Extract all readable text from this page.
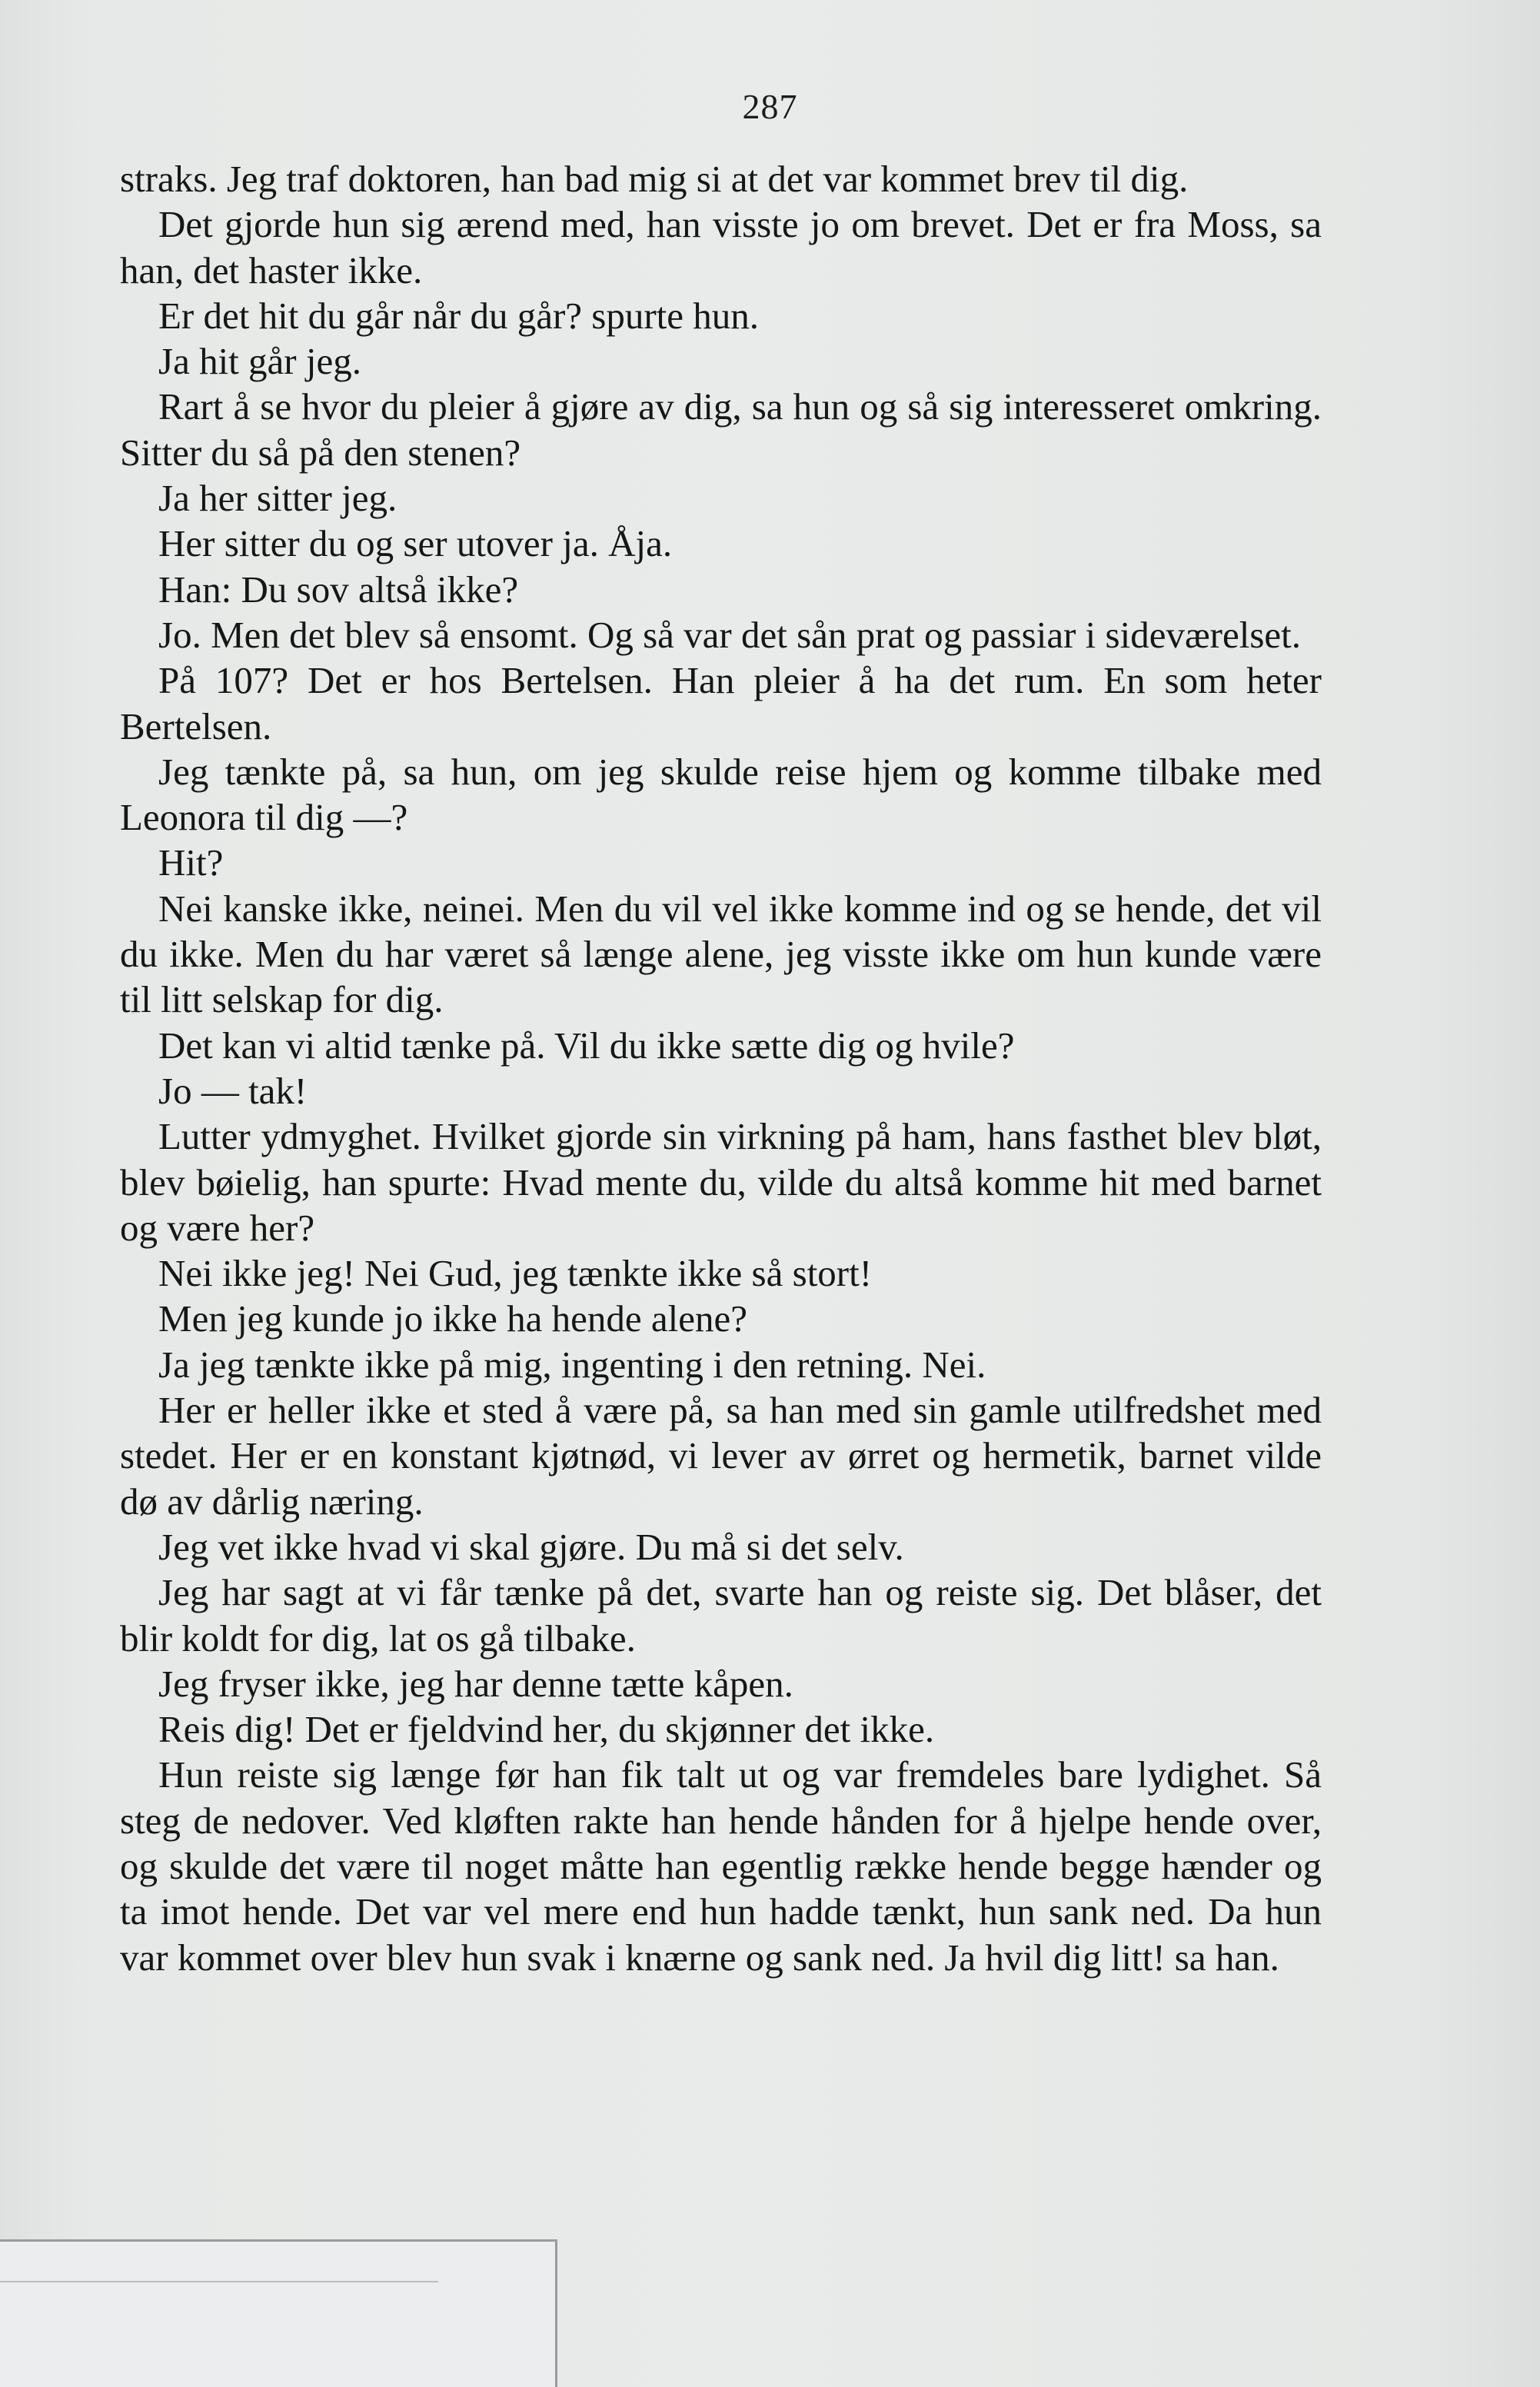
287

straks. Jeg traf doktoren, han bad mig si at det var kommet brev til dig.

Det gjorde hun sig ærend med, han visste jo om brevet. Det er fra Moss, sa han, det haster ikke.

Er det hit du går når du går? spurte hun.

Ja hit går jeg.

Rart å se hvor du pleier å gjøre av dig, sa hun og så sig interesseret omkring. Sitter du så på den stenen?

Ja her sitter jeg.

Her sitter du og ser utover ja. Åja.

Han: Du sov altså ikke?

Jo. Men det blev så ensomt. Og så var det sån prat og passiar i sideværelset.

På 107? Det er hos Bertelsen. Han pleier å ha det rum. En som heter Bertelsen.

Jeg tænkte på, sa hun, om jeg skulde reise hjem og komme tilbake med Leonora til dig —?

Hit?

Nei kanske ikke, neinei. Men du vil vel ikke komme ind og se hende, det vil du ikke. Men du har været så længe alene, jeg visste ikke om hun kunde være til litt selskap for dig.

Det kan vi altid tænke på. Vil du ikke sætte dig og hvile?

Jo — tak!

Lutter ydmyghet. Hvilket gjorde sin virkning på ham, hans fasthet blev bløt, blev bøielig, han spurte: Hvad mente du, vilde du altså komme hit med barnet og være her?

Nei ikke jeg! Nei Gud, jeg tænkte ikke så stort!

Men jeg kunde jo ikke ha hende alene?

Ja jeg tænkte ikke på mig, ingenting i den retning. Nei.

Her er heller ikke et sted å være på, sa han med sin gamle utilfredshet med stedet. Her er en konstant kjøtnød, vi lever av ørret og hermetik, barnet vilde dø av dårlig næring.

Jeg vet ikke hvad vi skal gjøre. Du må si det selv.

Jeg har sagt at vi får tænke på det, svarte han og reiste sig. Det blåser, det blir koldt for dig, lat os gå tilbake.

Jeg fryser ikke, jeg har denne tætte kåpen.

Reis dig! Det er fjeldvind her, du skjønner det ikke.

Hun reiste sig længe før han fik talt ut og var fremdeles bare lydighet. Så steg de nedover. Ved kløften rakte han hende hånden for å hjelpe hende over, og skulde det være til noget måtte han egentlig række hende begge hænder og ta imot hende. Det var vel mere end hun hadde tænkt, hun sank ned. Da hun var kommet over blev hun svak i knærne og sank ned. Ja hvil dig litt! sa han.
